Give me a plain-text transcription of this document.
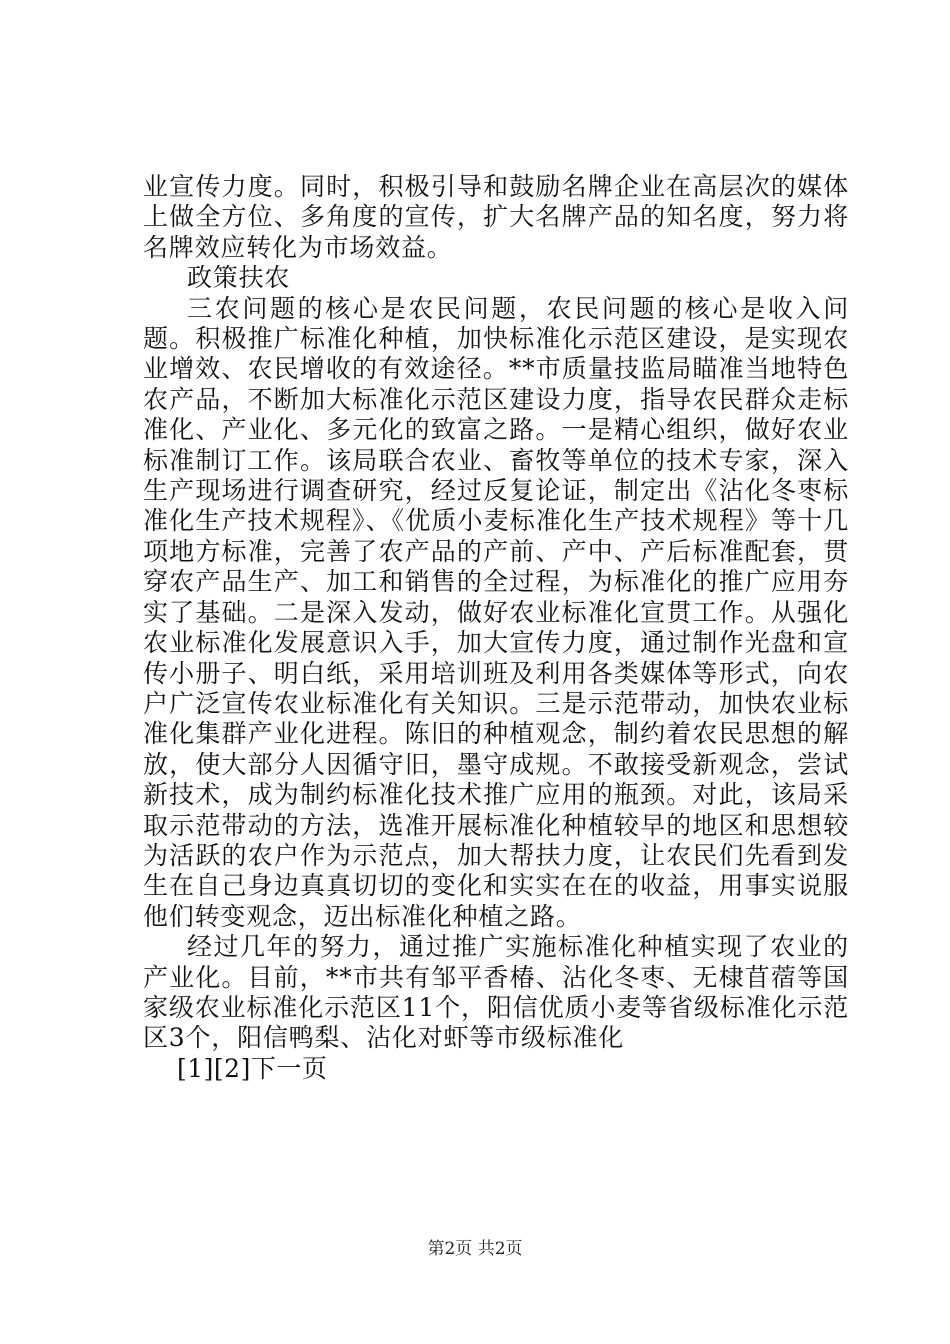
业宣传力度。同时，积极引导和鼓励名牌企业在高层次的媒体上做全方位、多角度的宣传，扩大名牌产品的知名度，努力将名牌效应转化为市场效益。

政策扶农

三农问题的核心是农民问题，农民问题的核心是收入问题。积极推广标准化种植，加快标准化示范区建设，是实现农业增效、农民增收的有效途径。**市质量技监局瞄准当地特色农产品，不断加大标准化示范区建设力度，指导农民群众走标准化、产业化、多元化的致富之路。一是精心组织，做好农业标准制订工作。该局联合农业、畜牧等单位的技术专家，深入生产现场进行调查研究，经过反复论证，制定出《沾化冬枣标准化生产技术规程》、《优质小麦标准化生产技术规程》等十几项地方标准，完善了农产品的产前、产中、产后标准配套，贯穿农产品生产、加工和销售的全过程，为标准化的推广应用夯实了基础。二是深入发动，做好农业标准化宣贯工作。从强化农业标准化发展意识入手，加大宣传力度，通过制作光盘和宣传小册子、明白纸，采用培训班及利用各类媒体等形式，向农户广泛宣传农业标准化有关知识。三是示范带动，加快农业标准化集群产业化进程。陈旧的种植观念，制约着农民思想的解放，使大部分人因循守旧，墨守成规。不敢接受新观念，尝试新技术，成为制约标准化技术推广应用的瓶颈。对此，该局采取示范带动的方法，选准开展标准化种植较早的地区和思想较为活跃的农户作为示范点，加大帮扶力度，让农民们先看到发生在自己身边真真切切的变化和实实在在的收益，用事实说服他们转变观念，迈出标准化种植之路。

经过几年的努力，通过推广实施标准化种植实现了农业的产业化。目前，**市共有邹平香椿、沾化冬枣、无棣苜蓿等国家级农业标准化示范区11个，阳信优质小麦等省级标准化示范区3个，阳信鸭梨、沾化对虾等市级标准化

[1][2]下一页

第2页 共2页
